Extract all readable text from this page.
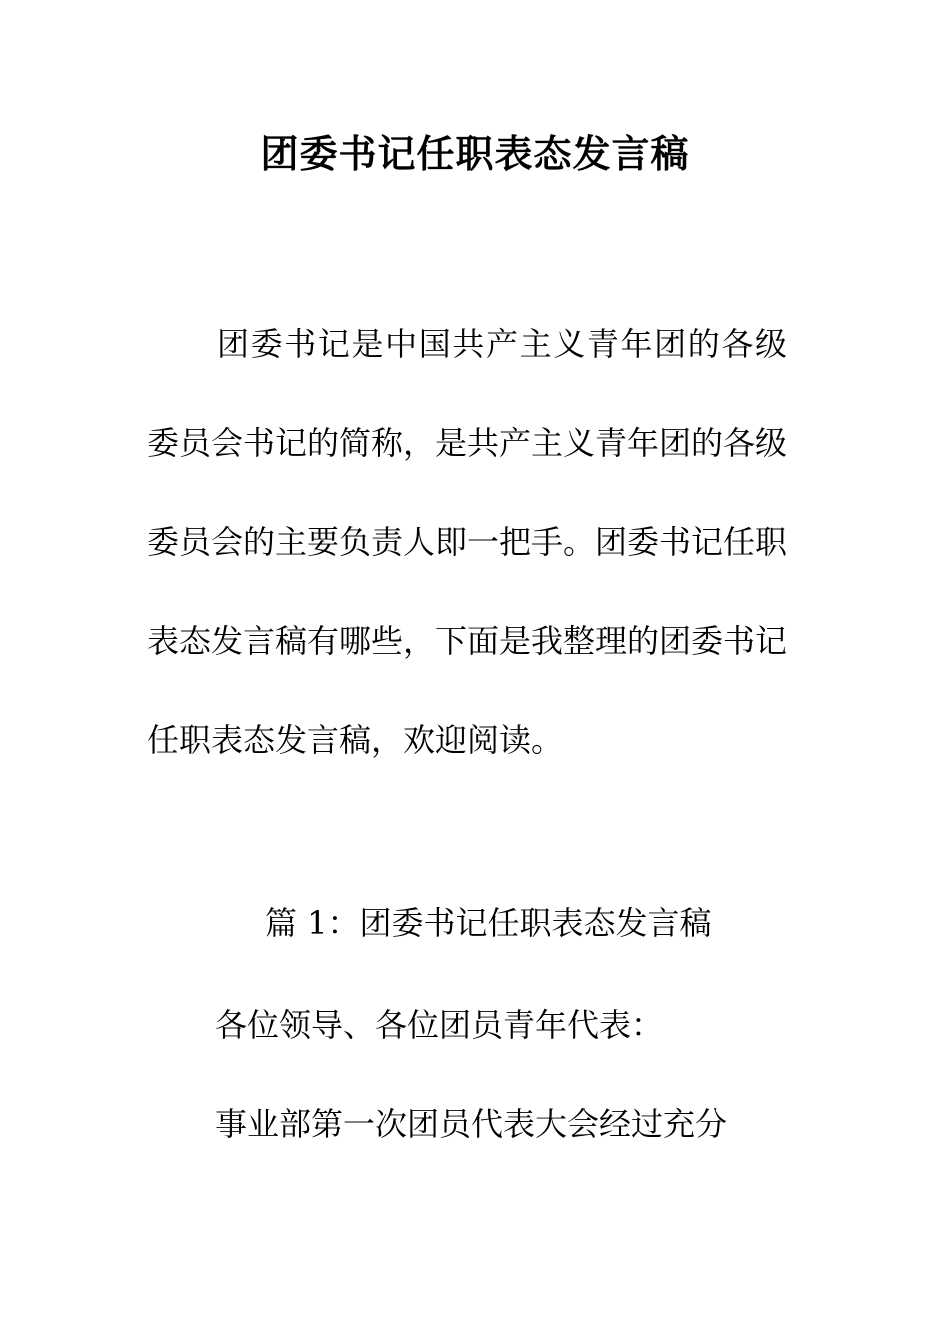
团委书记任职表态发言稿

团委书记是中国共产主义青年团的各级委员会书记的简称，是共产主义青年团的各级委员会的主要负责人即一把手。团委书记任职表态发言稿有哪些，下面是我整理的团委书记任职表态发言稿，欢迎阅读。

篇 1：团委书记任职表态发言稿
各位领导、各位团员青年代表：
事业部第一次团员代表大会经过充分
